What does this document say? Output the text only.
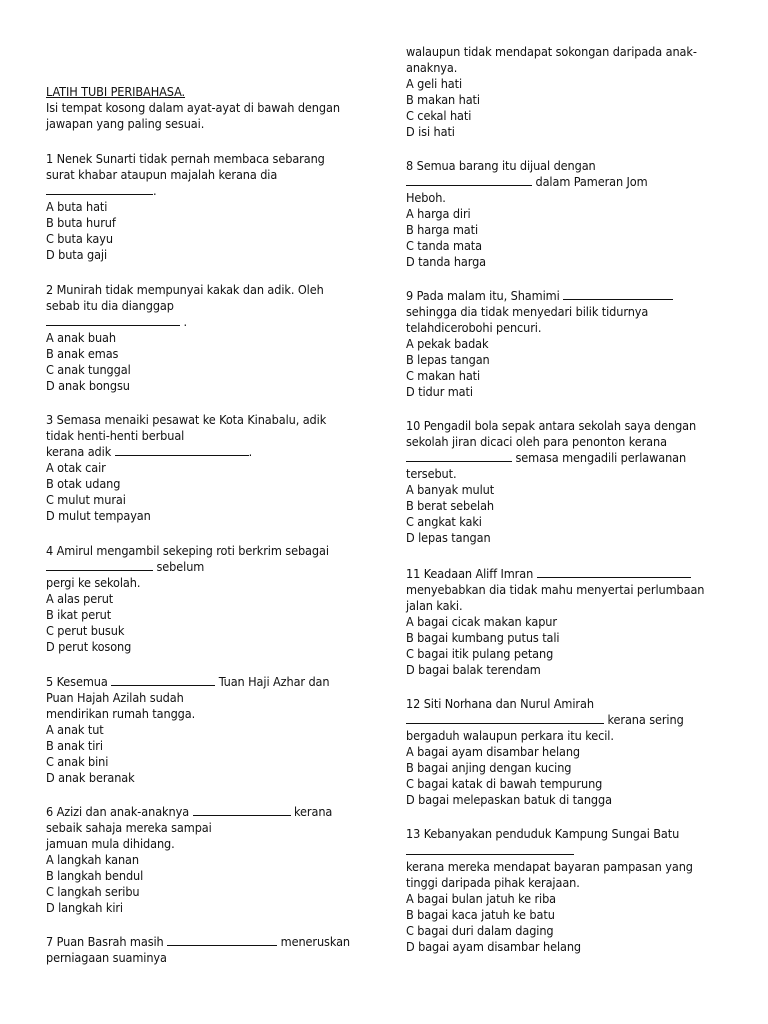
LATIH TUBI PERIBAHASA.
Isi tempat kosong dalam ayat-ayat di bawah dengan
jawapan yang paling sesuai.
1 Nenek Sunarti tidak pernah membaca sebarang
surat khabar ataupun majalah kerana dia
.
A buta hati
B buta huruf
C buta kayu
D buta gaji
2 Munirah tidak mempunyai kakak dan adik. Oleh
sebab itu dia dianggap
.
A anak buah
B anak emas
C anak tunggal
D anak bongsu
3 Semasa menaiki pesawat ke Kota Kinabalu, adik
tidak henti-henti berbual
kerana adik	.
A otak cair
B otak udang
C mulut murai
D mulut tempayan
4 Amirul mengambil sekeping roti berkrim sebagai
sebelum
pergi ke sekolah.
A alas perut
B ikat perut
C perut busuk
D perut kosong
5 Kesemua	Tuan Haji Azhar dan
Puan Hajah Azilah sudah
mendirikan rumah tangga.
A anak tut
B anak tiri
C anak bini
D anak beranak
6 Azizi dan anak-anaknya	kerana
sebaik sahaja mereka sampai
jamuan mula dihidang.
A langkah kanan
B langkah bendul
C langkah seribu
D langkah kiri
7 Puan Basrah masih	meneruskan
perniagaan suaminya
walaupun tidak mendapat sokongan daripada anak-
anaknya.
A geli hati
B makan hati
C cekal hati
D isi hati
8 Semua barang itu dijual dengan
dalam Pameran Jom
Heboh.
A harga diri
B harga mati
C tanda mata
D tanda harga
9 Pada malam itu, Shamimi
sehingga dia tidak menyedari bilik tidurnya
telahdicerobohi pencuri.
A pekak badak
B lepas tangan
C makan hati
D tidur mati
10 Pengadil bola sepak antara sekolah saya dengan
sekolah jiran dicaci oleh para penonton kerana
semasa mengadili perlawanan
tersebut.
A banyak mulut
B berat sebelah
C angkat kaki
D lepas tangan
11 Keadaan Aliff Imran
menyebabkan dia tidak mahu menyertai perlumbaan
jalan kaki.
A bagai cicak makan kapur
B bagai kumbang putus tali
C bagai itik pulang petang
D bagai balak terendam
12 Siti Norhana dan Nurul Amirah
kerana sering
bergaduh walaupun perkara itu kecil.
A bagai ayam disambar helang
B bagai anjing dengan kucing
C bagai katak di bawah tempurung
D bagai melepaskan batuk di tangga
13 Kebanyakan penduduk Kampung Sungai Batu
kerana mereka mendapat bayaran pampasan yang
tinggi daripada pihak kerajaan.
A bagai bulan jatuh ke riba
B bagai kaca jatuh ke batu
C bagai duri dalam daging
D bagai ayam disambar helang
